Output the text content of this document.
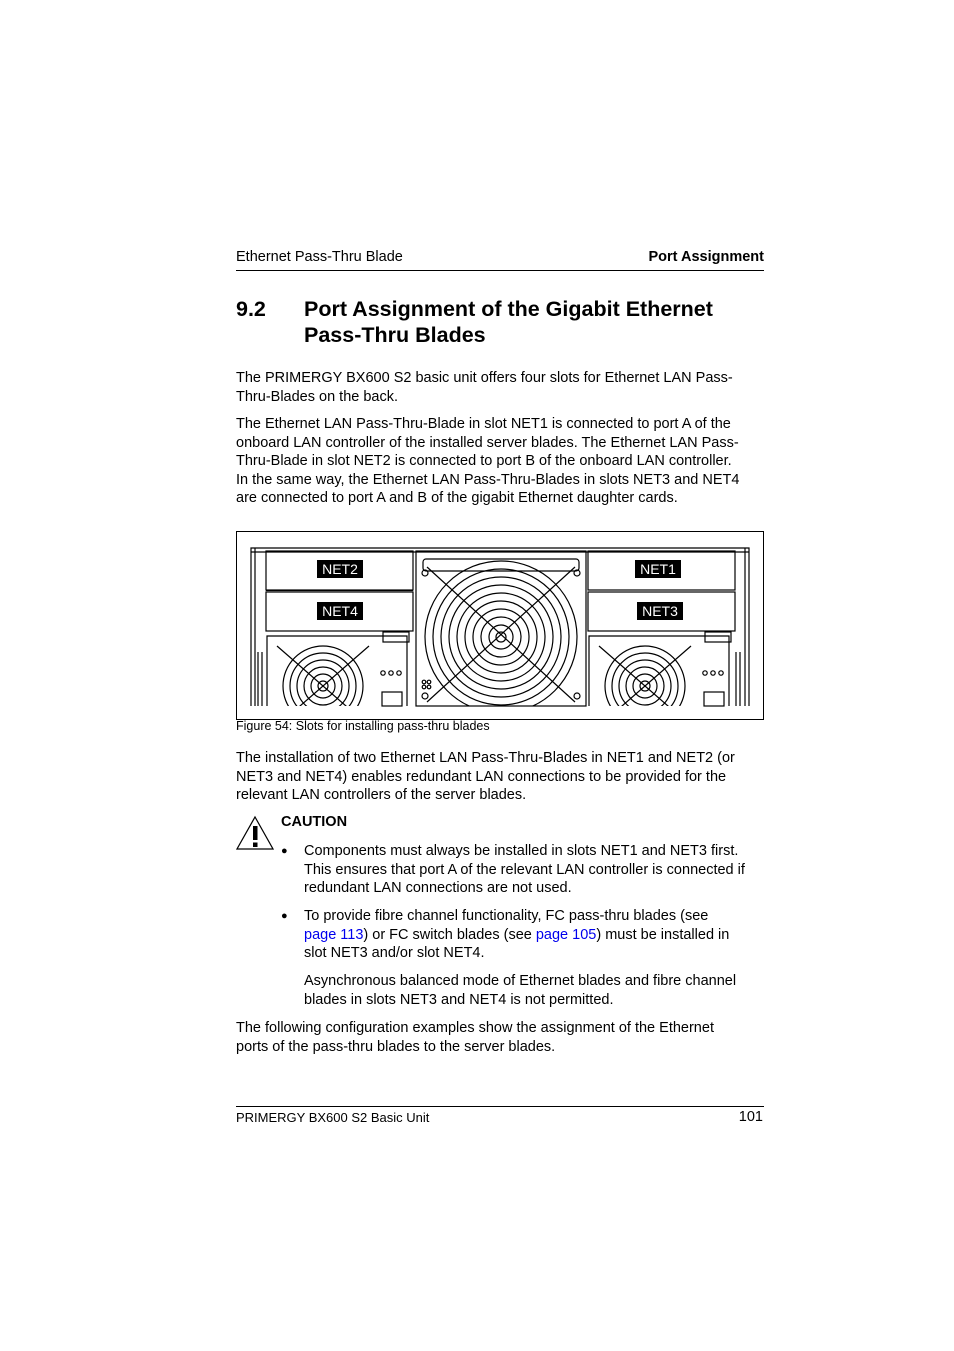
Ethernet Pass-Thru Blade	Port Assignment
9.2 Port Assignment of the Gigabit Ethernet
Pass-Thru Blades

The PRIMERGY BX600 S2 basic unit offers four slots for Ethernet LAN Pass-
Thru-Blades on the back.

The Ethernet LAN Pass-Thru-Blade in slot NET1 is connected to port A of the
onboard LAN controller of the installed server blades. The Ethernet LAN Pass-
Thru-Blade in slot NET2 is connected to port B of the onboard LAN controller.
In the same way, the Ethernet LAN Pass-Thru-Blades in slots NET3 and NET4
are connected to port A and B of the gigabit Ethernet daughter cards.

NET2
NET4
NET1
NET3
Figure 54: Slots for installing pass-thru blades

The installation of two Ethernet LAN Pass-Thru-Blades in NET1 and NET2 (or
NET3 and NET4) enables redundant LAN connections to be provided for the
relevant LAN controllers of the server blades.

CAUTION
● Components must always be installed in slots NET1 and NET3 first.
This ensures that port A of the relevant LAN controller is connected if
redundant LAN connections are not used.

● To provide fibre channel functionality, FC pass-thru blades (see
page 113) or FC switch blades (see page 105) must be installed in
slot NET3 and/or slot NET4.

Asynchronous balanced mode of Ethernet blades and fibre channel
blades in slots NET3 and NET4 is not permitted.

The following configuration examples show the assignment of the Ethernet
ports of the pass-thru blades to the server blades.

PRIMERGY BX600 S2 Basic Unit	101
